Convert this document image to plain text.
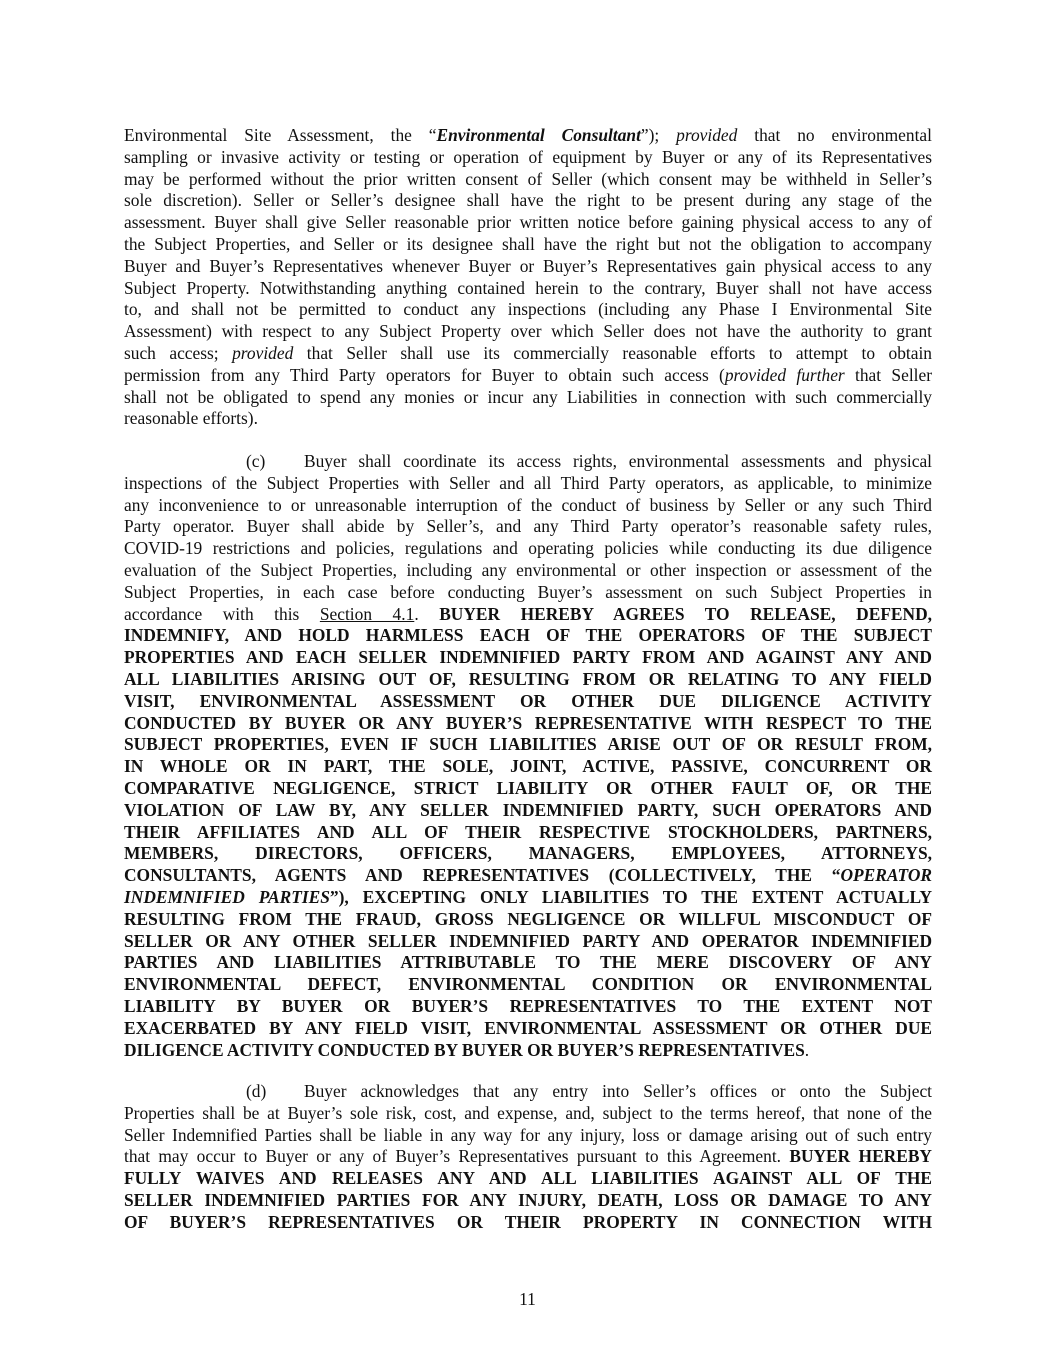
Environmental Site Assessment, the “Environmental Consultant”); provided that no environmental
sampling or invasive activity or testing or operation of equipment by Buyer or any of its Representatives
may be performed without the prior written consent of Seller (which consent may be withheld in Seller’s
sole discretion). Seller or Seller’s designee shall have the right to be present during any stage of the
assessment. Buyer shall give Seller reasonable prior written notice before gaining physical access to any of
the Subject Properties, and Seller or its designee shall have the right but not the obligation to accompany
Buyer and Buyer’s Representatives whenever Buyer or Buyer’s Representatives gain physical access to any
Subject Property. Notwithstanding anything contained herein to the contrary, Buyer shall not have access
to, and shall not be permitted to conduct any inspections (including any Phase I Environmental Site
Assessment) with respect to any Subject Property over which Seller does not have the authority to grant
such access; provided that Seller shall use its commercially reasonable efforts to attempt to obtain
permission from any Third Party operators for Buyer to obtain such access (provided further that Seller
shall not be obligated to spend any monies or incur any Liabilities in connection with such commercially
reasonable efforts).
(c) Buyer shall coordinate its access rights, environmental assessments and physical
inspections of the Subject Properties with Seller and all Third Party operators, as applicable, to minimize
any inconvenience to or unreasonable interruption of the conduct of business by Seller or any such Third
Party operator. Buyer shall abide by Seller’s, and any Third Party operator’s reasonable safety rules,
COVID-19 restrictions and policies, regulations and operating policies while conducting its due diligence
evaluation of the Subject Properties, including any environmental or other inspection or assessment of the
Subject Properties, in each case before conducting Buyer’s assessment on such Subject Properties in
accordance with this Section 4.1. BUYER HEREBY AGREES TO RELEASE, DEFEND,
INDEMNIFY, AND HOLD HARMLESS EACH OF THE OPERATORS OF THE SUBJECT
PROPERTIES AND EACH SELLER INDEMNIFIED PARTY FROM AND AGAINST ANY AND
ALL LIABILITIES ARISING OUT OF, RESULTING FROM OR RELATING TO ANY FIELD
VISIT, ENVIRONMENTAL ASSESSMENT OR OTHER DUE DILIGENCE ACTIVITY
CONDUCTED BY BUYER OR ANY BUYER’S REPRESENTATIVE WITH RESPECT TO THE
SUBJECT PROPERTIES, EVEN IF SUCH LIABILITIES ARISE OUT OF OR RESULT FROM,
IN WHOLE OR IN PART, THE SOLE, JOINT, ACTIVE, PASSIVE, CONCURRENT OR
COMPARATIVE NEGLIGENCE, STRICT LIABILITY OR OTHER FAULT OF, OR THE
VIOLATION OF LAW BY, ANY SELLER INDEMNIFIED PARTY, SUCH OPERATORS AND
THEIR AFFILIATES AND ALL OF THEIR RESPECTIVE STOCKHOLDERS, PARTNERS,
MEMBERS, DIRECTORS, OFFICERS, MANAGERS, EMPLOYEES, ATTORNEYS,
CONSULTANTS, AGENTS AND REPRESENTATIVES (COLLECTIVELY, THE “OPERATOR
INDEMNIFIED PARTIES”), EXCEPTING ONLY LIABILITIES TO THE EXTENT ACTUALLY
RESULTING FROM THE FRAUD, GROSS NEGLIGENCE OR WILLFUL MISCONDUCT OF
SELLER OR ANY OTHER SELLER INDEMNIFIED PARTY AND OPERATOR INDEMNIFIED
PARTIES AND LIABILITIES ATTRIBUTABLE TO THE MERE DISCOVERY OF ANY
ENVIRONMENTAL DEFECT, ENVIRONMENTAL CONDITION OR ENVIRONMENTAL
LIABILITY BY BUYER OR BUYER’S REPRESENTATIVES TO THE EXTENT NOT
EXACERBATED BY ANY FIELD VISIT, ENVIRONMENTAL ASSESSMENT OR OTHER DUE
DILIGENCE ACTIVITY CONDUCTED BY BUYER OR BUYER’S REPRESENTATIVES.
(d) Buyer acknowledges that any entry into Seller’s offices or onto the Subject
Properties shall be at Buyer’s sole risk, cost, and expense, and, subject to the terms hereof, that none of the
Seller Indemnified Parties shall be liable in any way for any injury, loss or damage arising out of such entry
that may occur to Buyer or any of Buyer’s Representatives pursuant to this Agreement. BUYER HEREBY
FULLY WAIVES AND RELEASES ANY AND ALL LIABILITIES AGAINST ALL OF THE
SELLER INDEMNIFIED PARTIES FOR ANY INJURY, DEATH, LOSS OR DAMAGE TO ANY
OF BUYER’S REPRESENTATIVES OR THEIR PROPERTY IN CONNECTION WITH
11
